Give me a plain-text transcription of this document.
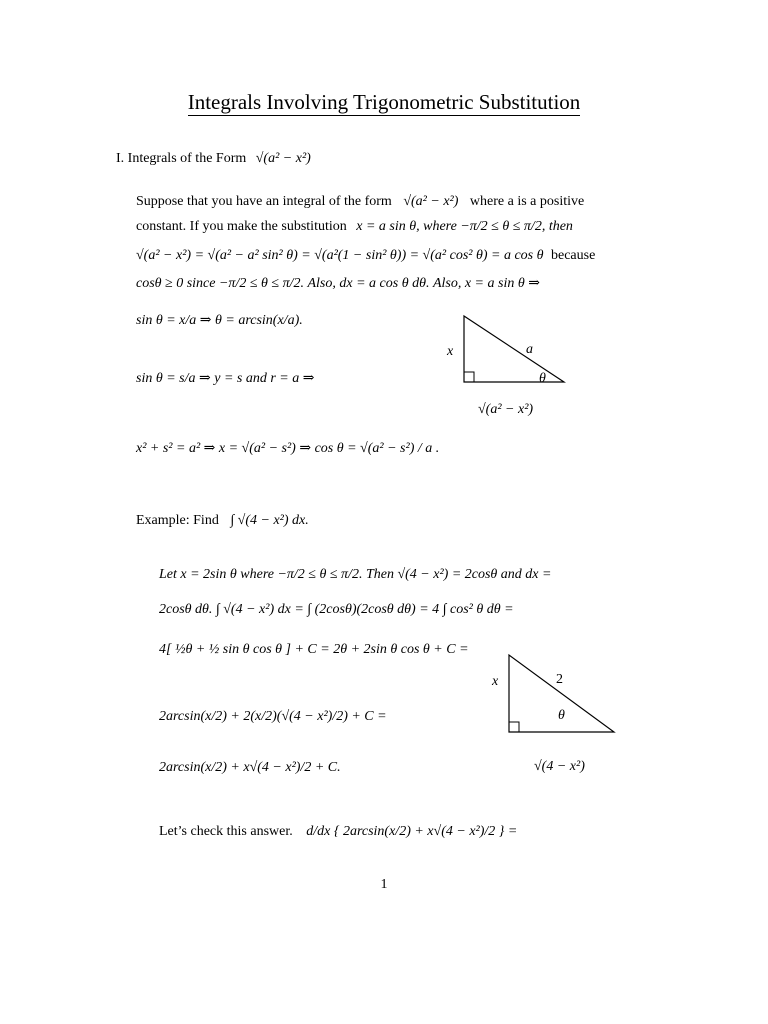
Integrals Involving Trigonometric Substitution
I. Integrals of the Form √(a² − x²)
Suppose that you have an integral of the form √(a² − x²) where a is a positive
constant. If you make the substitution x = a sin θ, where −π/2 ≤ θ ≤ π/2, then
√(a² − x²) = √(a² − a² sin² θ) = √(a²(1 − sin² θ)) = √(a² cos² θ) = a cos θ because
cosθ ≥ 0 since −π/2 ≤ θ ≤ π/2. Also, dx = a cos θ dθ. Also, x = a sin θ ⇒
sin θ = x/a ⇒ θ = arcsin(x/a).
sin θ = s/a ⇒ y = s and r = a ⇒
x² + s² = a² ⇒ x = √(a² − s²) ⇒ cos θ = √(a² − s²) / a .
x	a
θ
√(a² − x²)
Example: Find ∫ √(4 − x²) dx.
Let x = 2sin θ where −π/2 ≤ θ ≤ π/2. Then √(4 − x²) = 2cosθ and dx =
2cosθ dθ. ∫ √(4 − x²) dx = ∫ (2cosθ)(2cosθ dθ) = 4 ∫ cos² θ dθ =
4[ ½θ + ½ sin θ cos θ ] + C = 2θ + 2sin θ cos θ + C =
2arcsin(x/2) + 2(x/2)(√(4 − x²)/2) + C =
2arcsin(x/2) + x√(4 − x²)/2 + C.
x	2
θ
√(4 − x²)
Let’s check this answer. d/dx { 2arcsin(x/2) + x√(4 − x²)/2 } =
1
